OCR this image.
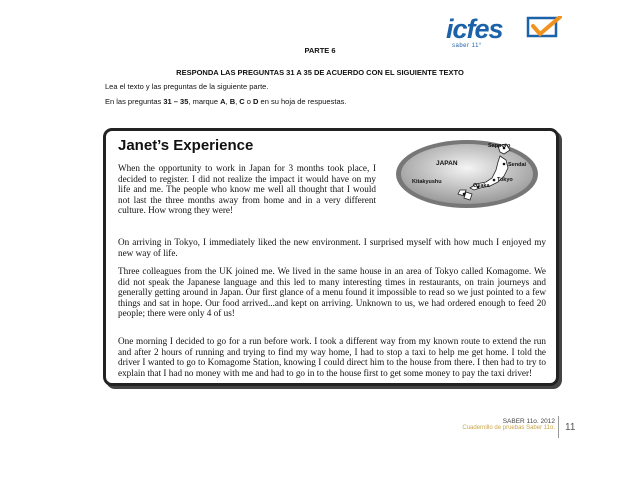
icfes
saber 11°
PARTE 6
RESPONDA LAS PREGUNTAS 31 A 35 DE ACUERDO CON EL SIGUIENTE TEXTO
Lea el texto y las preguntas de la siguiente parte.
En las preguntas 31 – 35, marque A, B, C o D en su hoja de respuestas.
Janet’s Experience

When the opportunity to work in Japan for 3 months took place, I decided to register. I did not realize the impact it would have on my life and me. The people who know me well all thought that I would not last the three months away from home and in a very different culture. How wrong they were!

On arriving in Tokyo, I immediately liked the new environment. I surprised myself with how much I enjoyed my new way of life.

Three colleagues from the UK joined me. We lived in the same house in an area of Tokyo called Komagome. We did not speak the Japanese language and this led to many interesting times in restaurants, on train journeys and generally getting around in Japan. Our first glance of a menu found it impossible to read so we just pointed to a few things and sat in hope. Our food arrived...and kept on arriving. Unknown to us, we had ordered enough to feed 20 people; there were only 4 of us!

One morning I decided to go for a run before work. I took a different way from my known route to extend the run and after 2 hours of running and trying to find my way home, I had to stop a taxi to help me get home. I told the driver I wanted to go to Komagome Station, knowing I could direct him to the house from there. I then had to try to explain that I had no money with me and had to go in to the house first to get some money to pay the taxi driver!

JAPAN
Sapporo
Sendai
Tokyo
Osaka
Kitakyushu
SABER 11o. 2012
Cuadernillo de pruebas Saber 11o. 11
